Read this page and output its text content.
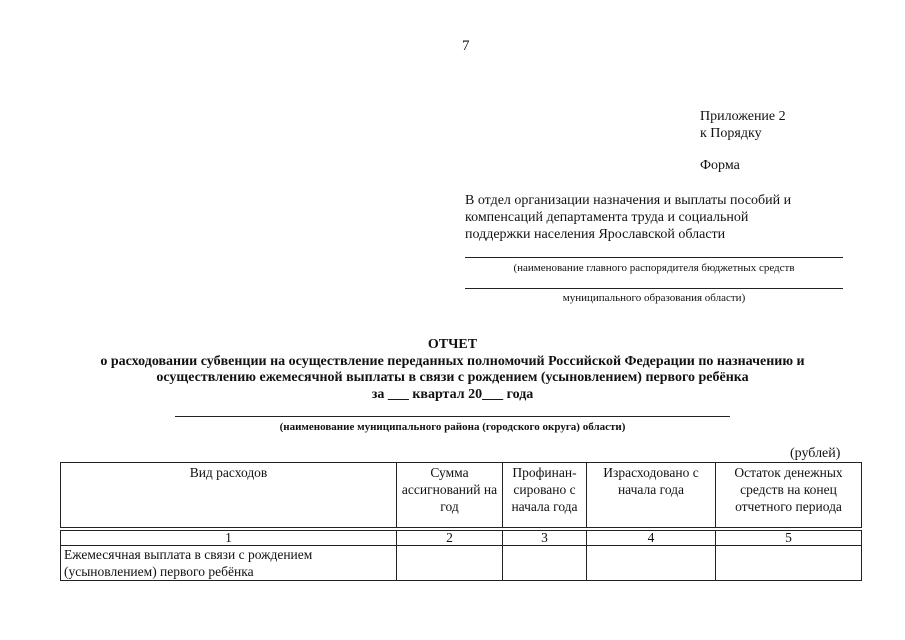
7
Приложение 2
к Порядку
Форма
В отдел организации назначения и выплаты пособий и
компенсаций департамента труда и социальной
поддержки населения Ярославской области
(наименование главного распорядителя бюджетных средств
муниципального образования области)
ОТЧЕТ
о расходовании субвенции на осуществление переданных полномочий Российской Федерации по назначению и
осуществлению ежемесячной выплаты в связи с рождением (усыновлением) первого ребёнка
за ___ квартал 20___ года
(наименование муниципального района (городского округа) области)
(рублей)
Вид расходов	Сумма ассигнований на год	Профинан-сировано с начала года	Израсходовано с начала года	Остаток денежных средств на конец отчетного периода

1	2	3	4	5
Ежемесячная выплата в связи с рождением (усыновлением) первого ребёнка				
